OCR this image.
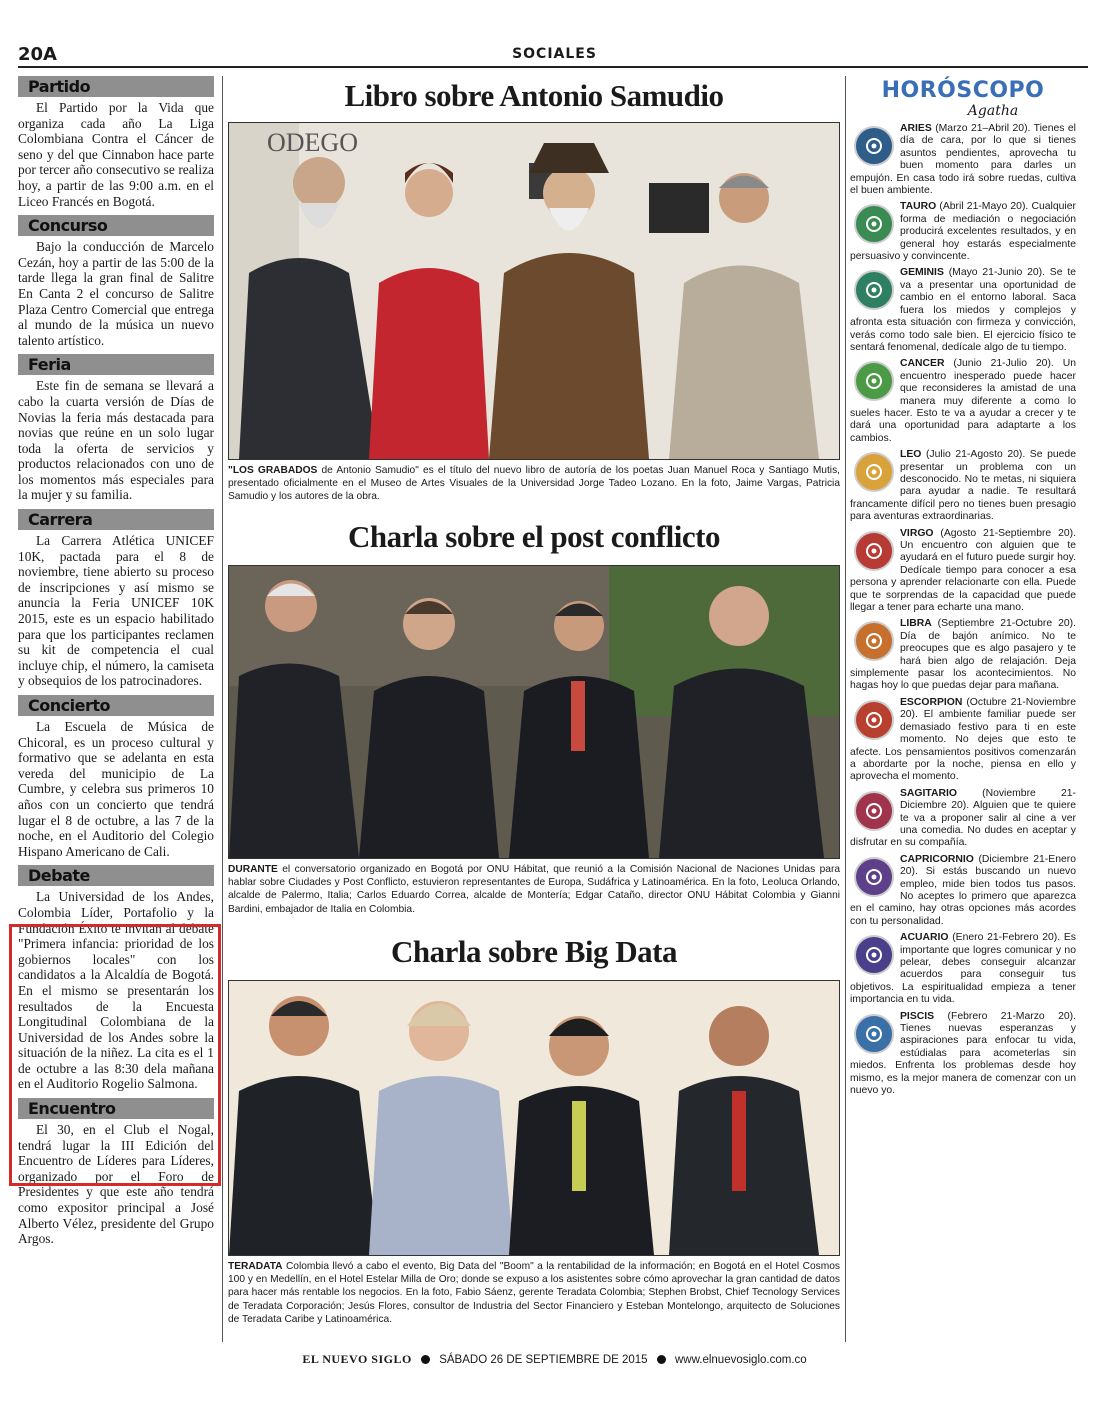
20A	SOCIALES
Partido

El Partido por la Vida que organiza cada año La Liga Colombiana Contra el Cáncer de seno y del que Cinnabon hace parte por tercer año consecutivo se realiza hoy, a partir de las 9:00 a.m. en el Liceo Francés en Bogotá.

Concurso

Bajo la conducción de Marcelo Cezán, hoy a partir de las 5:00 de la tarde llega la gran final de Salitre En Canta 2 el concurso de Salitre Plaza Centro Comercial que entrega al mundo de la música un nuevo talento artístico.

Feria

Este fin de semana se llevará a cabo la cuarta versión de Días de Novias la feria más destacada para novias que reúne en un solo lugar toda la oferta de servicios y productos relacionados con uno de los momentos más especiales para la mujer y su familia.

Carrera

La Carrera Atlética UNICEF 10K, pactada para el 8 de noviembre, tiene abierto su proceso de inscripciones y así mismo se anuncia la Feria UNICEF 10K 2015, este es un espacio habilitado para que los participantes reclamen su kit de competencia el cual incluye chip, el número, la camiseta y obsequios de los patrocinadores.

Concierto

La Escuela de Música de Chicoral, es un proceso cultural y formativo que se adelanta en esta vereda del municipio de La Cumbre, y celebra sus primeros 10 años con un concierto que tendrá lugar el 8 de octubre, a las 7 de la noche, en el Auditorio del Colegio Hispano Americano de Cali.

Debate

La Universidad de los Andes, Colombia Líder, Portafolio y la Fundación Éxito te invitan al debate "Primera infancia: prioridad de los gobiernos locales" con los candidatos a la Alcaldía de Bogotá. En el mismo se presentarán los resultados de la Encuesta Longitudinal Colombiana de la Universidad de los Andes sobre la situación de la niñez. La cita es el 1 de octubre a las 8:30 dela mañana en el Auditorio Rogelio Salmona.

Encuentro

El 30, en el Club el Nogal, tendrá lugar la III Edición del Encuentro de Líderes para Líderes, organizado por el Foro de Presidentes y que este año tendrá como expositor principal a José Alberto Vélez, presidente del Grupo Argos.

Libro sobre Antonio Samudio
ODEGO
"LOS GRABADOS de Antonio Samudio" es el título del nuevo libro de autoría de los poetas Juan Manuel Roca y Santiago Mutis, presentado oficialmente en el Museo de Artes Visuales de la Universidad Jorge Tadeo Lozano. En la foto, Jaime Vargas, Patricia Samudio y los autores de la obra.
Charla sobre el post conflicto
DURANTE el conversatorio organizado en Bogotá por ONU Hábitat, que reunió a la Comisión Nacional de Naciones Unidas para hablar sobre Ciudades y Post Conflicto, estuvieron representantes de Europa, Sudáfrica y Latinoamérica. En la foto, Leoluca Orlando, alcalde de Palermo, Italia; Carlos Eduardo Correa, alcalde de Montería; Edgar Cataño, director ONU Hábitat Colombia y Gianni Bardini, embajador de Italia en Colombia.
Charla sobre Big Data
TERADATA Colombia llevó a cabo el evento, Big Data del "Boom" a la rentabilidad de la información; en Bogotá en el Hotel Cosmos 100 y en Medellín, en el Hotel Estelar Milla de Oro; donde se expuso a los asistentes sobre cómo aprovechar la gran cantidad de datos para hacer más rentable los negocios. En la foto, Fabio Sáenz, gerente Teradata Colombia; Stephen Brobst, Chief Tecnology Services de Teradata Corporación; Jesús Flores, consultor de Industria del Sector Financiero y Esteban Montelongo, arquitecto de Soluciones de Teradata Caribe y Latinoamérica.
HORÓSCOPO
Agatha
ARIES (Marzo 21–Abril 20). Tienes el día de cara, por lo que si tienes asuntos pendientes, aprovecha tu buen momento para darles un empujón. En casa todo irá sobre ruedas, cultiva el buen ambiente.
TAURO (Abril 21-Mayo 20). Cualquier forma de mediación o negociación producirá excelentes resultados, y en general hoy estarás especialmente persuasivo y convincente.
GEMINIS (Mayo 21-Junio 20). Se te va a presentar una oportunidad de cambio en el entorno laboral. Saca fuera los miedos y complejos y afronta esta situación con firmeza y convicción, verás como todo sale bien. El ejercicio físico te sentará fenomenal, dedícale algo de tu tiempo.
CANCER (Junio 21-Julio 20). Un encuentro inesperado puede hacer que reconsideres la amistad de una manera muy diferente a como lo sueles hacer. Esto te va a ayudar a crecer y te dará una oportunidad para adaptarte a los cambios.
LEO (Julio 21-Agosto 20). Se puede presentar un problema con un desconocido. No te metas, ni siquiera para ayudar a nadie. Te resultará francamente difícil pero no tienes buen presagio para aventuras extraordinarias.
VIRGO (Agosto 21-Septiembre 20). Un encuentro con alguien que te ayudará en el futuro puede surgir hoy. Dedícale tiempo para conocer a esa persona y aprender relacionarte con ella. Puede que te sorprendas de la capacidad que puede llegar a tener para echarte una mano.
LIBRA (Septiembre 21-Octubre 20). Día de bajón anímico. No te preocupes que es algo pasajero y te hará bien algo de relajación. Deja simplemente pasar los acontecimientos. No hagas hoy lo que puedas dejar para mañana.
ESCORPION (Octubre 21-Noviembre 20). El ambiente familiar puede ser demasiado festivo para ti en este momento. No dejes que esto te afecte. Los pensamientos positivos comenzarán a abordarte por la noche, piensa en ello y aprovecha el momento.
SAGITARIO (Noviembre 21-Diciembre 20). Alguien que te quiere te va a proponer salir al cine a ver una comedia. No dudes en aceptar y disfrutar en su compañía.
CAPRICORNIO (Diciembre 21-Enero 20). Si estás buscando un nuevo empleo, mide bien todos tus pasos. No aceptes lo primero que aparezca en el camino, hay otras opciones más acordes con tu personalidad.
ACUARIO (Enero 21-Febrero 20). Es importante que logres comunicar y no pelear, debes conseguir alcanzar acuerdos para conseguir tus objetivos. La espiritualidad empieza a tener importancia en tu vida.
PISCIS (Febrero 21-Marzo 20). Tienes nuevas esperanzas y aspiraciones para enfocar tu vida, estúdialas para acometerlas sin miedos. Enfrenta los problemas desde hoy mismo, es la mejor manera de comenzar con un nuevo yo.
EL NUEVO SIGLO SÁBADO 26 DE SEPTIEMBRE DE 2015 www.elnuevosiglo.com.co
